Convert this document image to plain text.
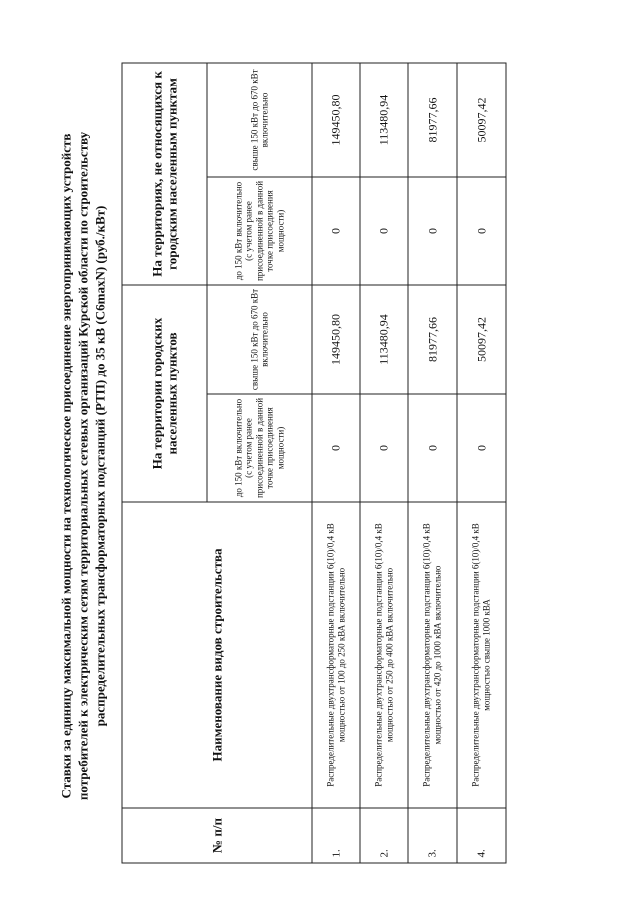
Ставки за единицу максимальной мощности на технологическое присоединение энергопринимающих устройств потребителей к электрическим сетям территориальных сетевых организаций Курской области по строительству распределительных трансформаторных подстанций (РТП) до 35 кВ (С6maxN) (руб./кВт)
№ п/п	Наименование видов строительства	На территории городских населенных пунктов		На территориях, не относящихся к городским населенным пунктам	
		до 150 кВт включительно (с учетом ранее присоединенной в данной точке присоединения мощности)	свыше 150 кВт до 670 кВт включительно	до 150 кВт включительно (с учетом ранее присоединенной в данной точке присоединения мощности)	свыше 150 кВт до 670 кВт включительно
1.	Распределительные двухтрансформаторные подстанции 6(10)/0,4 кВ мощностью от 100 до 250 кВА включительно	0	149450,80	0	149450,80
2.	Распределительные двухтрансформаторные подстанции 6(10)/0,4 кВ мощностью от 250 до 400 кВА включительно	0	113480,94	0	113480,94
3.	Распределительные двухтрансформаторные подстанции 6(10)/0,4 кВ мощностью от 420 до 1000 кВА включительно	0	81977,66	0	81977,66
4.	Распределительные двухтрансформаторные подстанции 6(10)/0,4 кВ мощностью свыше 1000 кВА	0	50097,42	0	50097,42
